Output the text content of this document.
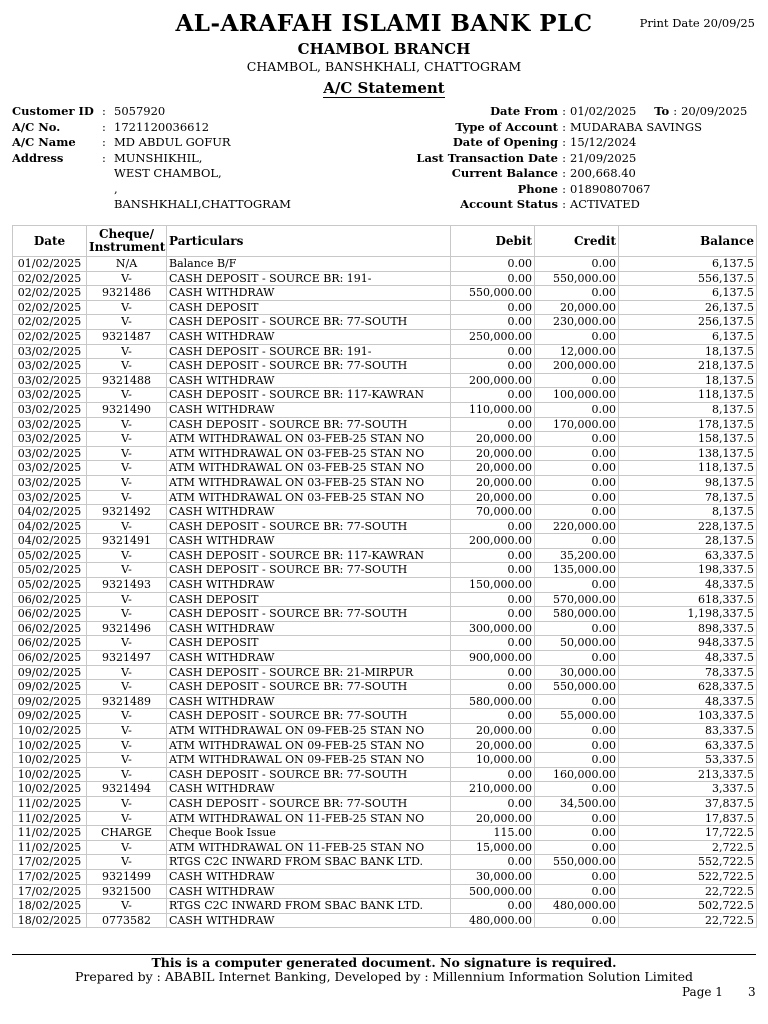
AL-ARAFAH ISLAMI BANK PLC	Print Date 20/09/25
CHAMBOL BRANCH
CHAMBOL, BANSHKHALI, CHATTOGRAM
A/C Statement
Customer ID : 5057920
A/C No.	: 1721120036612
A/C Name	: MD ABDUL GOFUR
Address	: MUNSHIKHIL,
WEST CHAMBOL,
,
BANSHKHALI,CHATTOGRAM
Date From : 01/02/2025 To : 20/09/2025
Type of Account : MUDARABA SAVINGS
Date of Opening : 15/12/2024
Last Transaction Date : 21/09/2025
Current Balance : 200,668.40
Phone : 01890807067
Account Status : ACTIVATED
Date	Cheque/ Instrument	Particulars	Debit	Credit	Balance
01/02/2025	N/A	Balance B/F	0.00	0.00	6,137.5
02/02/2025	V-	CASH DEPOSIT - SOURCE BR: 191-	0.00	550,000.00	556,137.5
02/02/2025	9321486	CASH WITHDRAW	550,000.00	0.00	6,137.5
02/02/2025	V-	CASH DEPOSIT	0.00	20,000.00	26,137.5
02/02/2025	V-	CASH DEPOSIT - SOURCE BR: 77-SOUTH	0.00	230,000.00	256,137.5
02/02/2025	9321487	CASH WITHDRAW	250,000.00	0.00	6,137.5
03/02/2025	V-	CASH DEPOSIT - SOURCE BR: 191-	0.00	12,000.00	18,137.5
03/02/2025	V-	CASH DEPOSIT - SOURCE BR: 77-SOUTH	0.00	200,000.00	218,137.5
03/02/2025	9321488	CASH WITHDRAW	200,000.00	0.00	18,137.5
03/02/2025	V-	CASH DEPOSIT - SOURCE BR: 117-KAWRAN	0.00	100,000.00	118,137.5
03/02/2025	9321490	CASH WITHDRAW	110,000.00	0.00	8,137.5
03/02/2025	V-	CASH DEPOSIT - SOURCE BR: 77-SOUTH	0.00	170,000.00	178,137.5
03/02/2025	V-	ATM WITHDRAWAL ON 03-FEB-25 STAN NO	20,000.00	0.00	158,137.5
03/02/2025	V-	ATM WITHDRAWAL ON 03-FEB-25 STAN NO	20,000.00	0.00	138,137.5
03/02/2025	V-	ATM WITHDRAWAL ON 03-FEB-25 STAN NO	20,000.00	0.00	118,137.5
03/02/2025	V-	ATM WITHDRAWAL ON 03-FEB-25 STAN NO	20,000.00	0.00	98,137.5
03/02/2025	V-	ATM WITHDRAWAL ON 03-FEB-25 STAN NO	20,000.00	0.00	78,137.5
04/02/2025	9321492	CASH WITHDRAW	70,000.00	0.00	8,137.5
04/02/2025	V-	CASH DEPOSIT - SOURCE BR: 77-SOUTH	0.00	220,000.00	228,137.5
04/02/2025	9321491	CASH WITHDRAW	200,000.00	0.00	28,137.5
05/02/2025	V-	CASH DEPOSIT - SOURCE BR: 117-KAWRAN	0.00	35,200.00	63,337.5
05/02/2025	V-	CASH DEPOSIT - SOURCE BR: 77-SOUTH	0.00	135,000.00	198,337.5
05/02/2025	9321493	CASH WITHDRAW	150,000.00	0.00	48,337.5
06/02/2025	V-	CASH DEPOSIT	0.00	570,000.00	618,337.5
06/02/2025	V-	CASH DEPOSIT - SOURCE BR: 77-SOUTH	0.00	580,000.00	1,198,337.5
06/02/2025	9321496	CASH WITHDRAW	300,000.00	0.00	898,337.5
06/02/2025	V-	CASH DEPOSIT	0.00	50,000.00	948,337.5
06/02/2025	9321497	CASH WITHDRAW	900,000.00	0.00	48,337.5
09/02/2025	V-	CASH DEPOSIT - SOURCE BR: 21-MIRPUR	0.00	30,000.00	78,337.5
09/02/2025	V-	CASH DEPOSIT - SOURCE BR: 77-SOUTH	0.00	550,000.00	628,337.5
09/02/2025	9321489	CASH WITHDRAW	580,000.00	0.00	48,337.5
09/02/2025	V-	CASH DEPOSIT - SOURCE BR: 77-SOUTH	0.00	55,000.00	103,337.5
10/02/2025	V-	ATM WITHDRAWAL ON 09-FEB-25 STAN NO	20,000.00	0.00	83,337.5
10/02/2025	V-	ATM WITHDRAWAL ON 09-FEB-25 STAN NO	20,000.00	0.00	63,337.5
10/02/2025	V-	ATM WITHDRAWAL ON 09-FEB-25 STAN NO	10,000.00	0.00	53,337.5
10/02/2025	V-	CASH DEPOSIT - SOURCE BR: 77-SOUTH	0.00	160,000.00	213,337.5
10/02/2025	9321494	CASH WITHDRAW	210,000.00	0.00	3,337.5
11/02/2025	V-	CASH DEPOSIT - SOURCE BR: 77-SOUTH	0.00	34,500.00	37,837.5
11/02/2025	V-	ATM WITHDRAWAL ON 11-FEB-25 STAN NO	20,000.00	0.00	17,837.5
11/02/2025	CHARGE	Cheque Book Issue	115.00	0.00	17,722.5
11/02/2025	V-	ATM WITHDRAWAL ON 11-FEB-25 STAN NO	15,000.00	0.00	2,722.5
17/02/2025	V-	RTGS C2C INWARD FROM SBAC BANK LTD.	0.00	550,000.00	552,722.5
17/02/2025	9321499	CASH WITHDRAW	30,000.00	0.00	522,722.5
17/02/2025	9321500	CASH WITHDRAW	500,000.00	0.00	22,722.5
18/02/2025	V-	RTGS C2C INWARD FROM SBAC BANK LTD.	0.00	480,000.00	502,722.5
18/02/2025	0773582	CASH WITHDRAW	480,000.00	0.00	22,722.5
This is a computer generated document. No signature is required.
Prepared by : ABABIL Internet Banking, Developed by : Millennium Information Solution Limited
Page 1 3
